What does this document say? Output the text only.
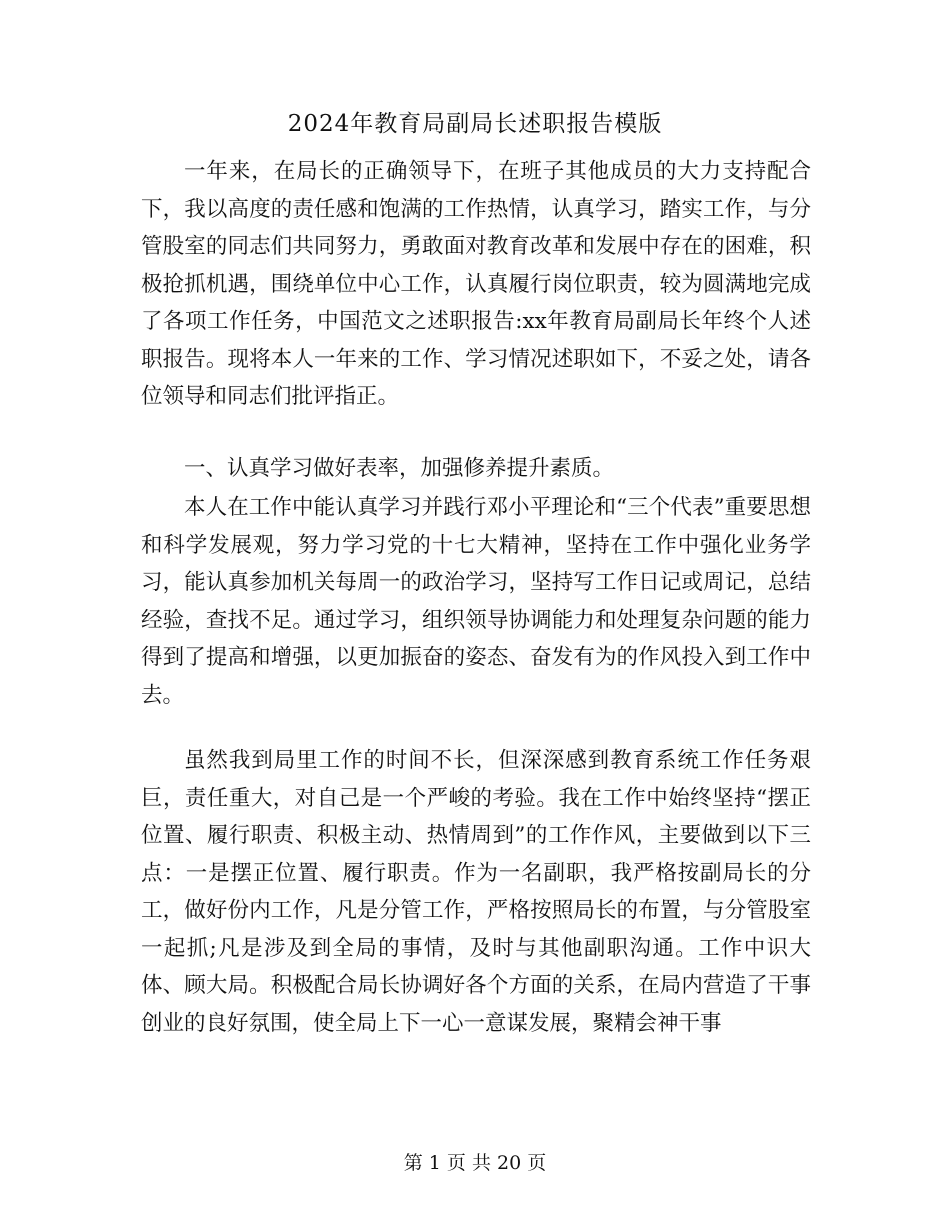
2024年教育局副局长述职报告模版

一年来，在局长的正确领导下，在班子其他成员的大力支持配合下，我以高度的责任感和饱满的工作热情，认真学习，踏实工作，与分管股室的同志们共同努力，勇敢面对教育改革和发展中存在的困难，积极抢抓机遇，围绕单位中心工作，认真履行岗位职责，较为圆满地完成了各项工作任务，中国范文之述职报告:xx年教育局副局长年终个人述职报告。现将本人一年来的工作、学习情况述职如下，不妥之处，请各位领导和同志们批评指正。

一、认真学习做好表率，加强修养提升素质。

本人在工作中能认真学习并践行邓小平理论和“三个代表”重要思想和科学发展观，努力学习党的十七大精神，坚持在工作中强化业务学习，能认真参加机关每周一的政治学习，坚持写工作日记或周记，总结经验，查找不足。通过学习，组织领导协调能力和处理复杂问题的能力得到了提高和增强，以更加振奋的姿态、奋发有为的作风投入到工作中去。

虽然我到局里工作的时间不长，但深深感到教育系统工作任务艰巨，责任重大，对自己是一个严峻的考验。我在工作中始终坚持“摆正位置、履行职责、积极主动、热情周到”的工作作风，主要做到以下三点：一是摆正位置、履行职责。作为一名副职，我严格按副局长的分工，做好份内工作，凡是分管工作，严格按照局长的布置，与分管股室一起抓;凡是涉及到全局的事情，及时与其他副职沟通。工作中识大体、顾大局。积极配合局长协调好各个方面的关系，在局内营造了干事创业的良好氛围，使全局上下一心一意谋发展，聚精会神干事

第 1 页 共 20 页
